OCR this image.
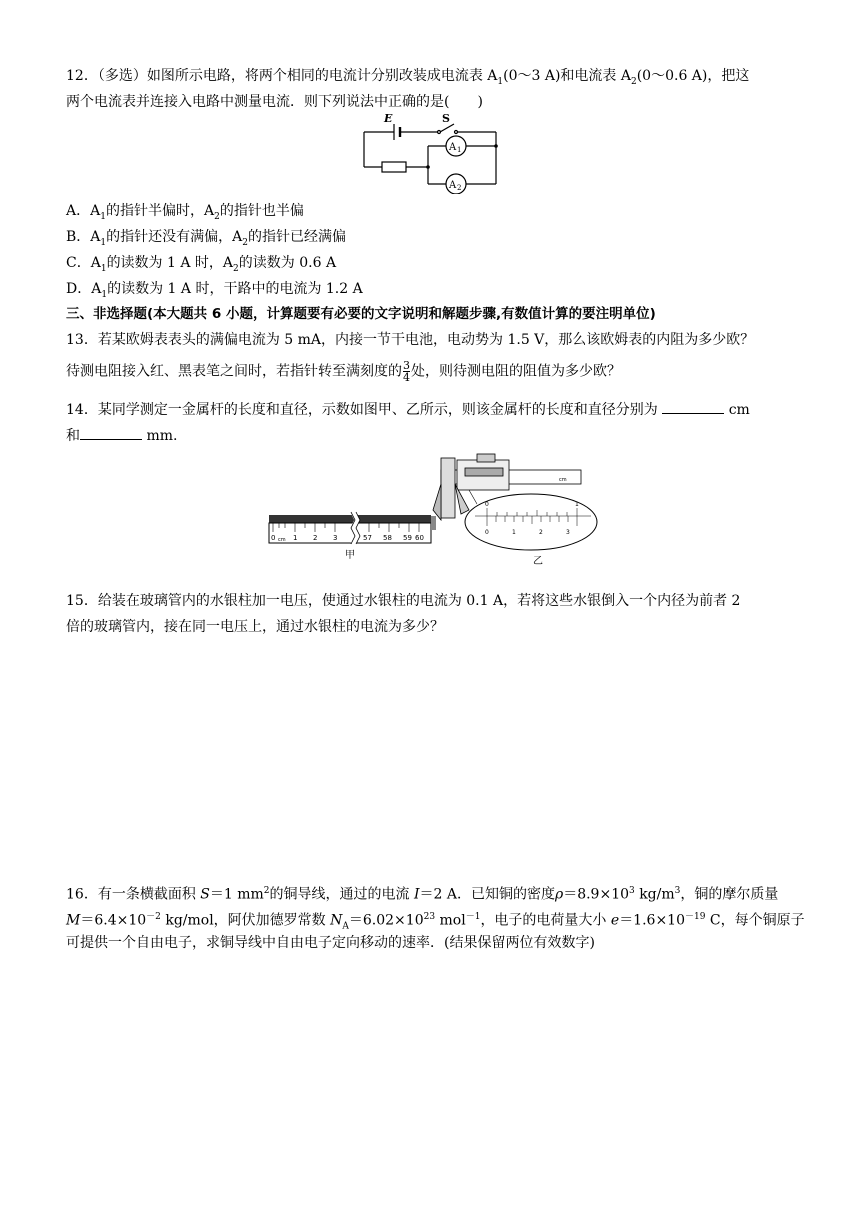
12．（多选）如图所示电路，将两个相同的电流计分别改装成电流表 $A_1(0\sim 3$ A)和电流表 $A_2(0\sim 0.6$ A)，把这
两个电流表并连接入电路中测量电流．则下列说法中正确的是(　　)
E	S
A 1
A 2
A．$A_1$的指针半偏时，$A_2$的指针也半偏
B．$A_1$的指针还没有满偏，$A_2$的指针已经满偏
C．$A_1$的读数为 1 A 时，$A_2$的读数为 0.6 A
D．$A_1$的读数为 1 A 时，干路中的电流为 1.2 A
三、非选择题(本大题共 6 小题，计算题要有必要的文字说明和解题步骤,有数值计算的要注明单位)
13．若某欧姆表表头的满偏电流为 5 mA，内接一节干电池，电动势为 1.5 V，那么该欧姆表的内阻为多少欧？
待测电阻接入红、黑表笔之间时，若指针转至满刻度的 $\frac{3}{4}$ 处，则待测电阻的阻值为多少欧？
14．某同学测定一金属杆的长度和直径，示数如图甲、乙所示，则该金属杆的长度和直径分别为	cm
和	mm.
0 cm 1 2 3	57 58 59 60
甲
cm
0	1
0	1	2	3
乙
15．给装在玻璃管内的水银柱加一电压，使通过水银柱的电流为 0.1 A，若将这些水银倒入一个内径为前者 2
倍的玻璃管内，接在同一电压上，通过水银柱的电流为多少？
16．有一条横截面积 S＝1 $mm^2$的铜导线，通过的电流 I＝2 A．已知铜的密度$\rho=8.9\times 10^3$ $kg/m^3$，铜的摩尔质量
$M=6.4\times 10^{-2}$ kg/mol，阿伏加德罗常数 $N_A=6.02\times 10^{23}$ mol$^{-1}$，电子的电荷量大小 $e=1.6\times 10^{-19}$ C，每个铜原子
可提供一个自由电子，求铜导线中自由电子定向移动的速率．(结果保留两位有效数字)
